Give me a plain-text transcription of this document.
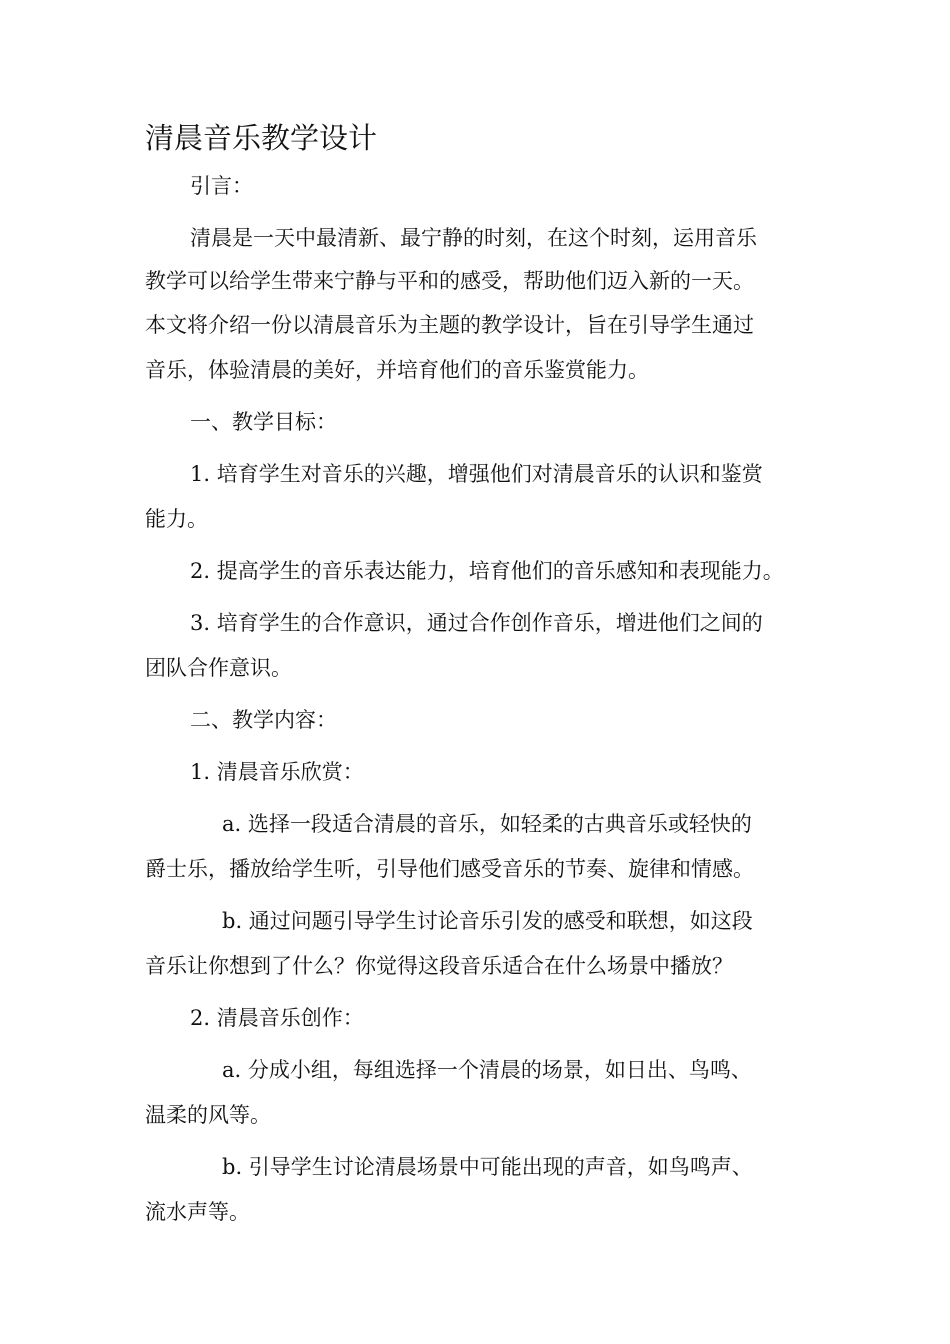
清晨音乐教学设计

引言：

清晨是一天中最清新、最宁静的时刻，在这个时刻，运用音乐

教学可以给学生带来宁静与平和的感受，帮助他们迈入新的一天。

本文将介绍一份以清晨音乐为主题的教学设计，旨在引导学生通过

音乐，体验清晨的美好，并培育他们的音乐鉴赏能力。

一、教学目标：

1. 培育学生对音乐的兴趣，增强他们对清晨音乐的认识和鉴赏

能力。

2. 提高学生的音乐表达能力，培育他们的音乐感知和表现能力。

3. 培育学生的合作意识，通过合作创作音乐，增进他们之间的

团队合作意识。

二、教学内容：

1. 清晨音乐欣赏：

a. 选择一段适合清晨的音乐，如轻柔的古典音乐或轻快的

爵士乐，播放给学生听，引导他们感受音乐的节奏、旋律和情感。

b. 通过问题引导学生讨论音乐引发的感受和联想，如这段

音乐让你想到了什么？你觉得这段音乐适合在什么场景中播放？

2. 清晨音乐创作：

a. 分成小组，每组选择一个清晨的场景，如日出、鸟鸣、

温柔的风等。

b. 引导学生讨论清晨场景中可能出现的声音，如鸟鸣声、

流水声等。
